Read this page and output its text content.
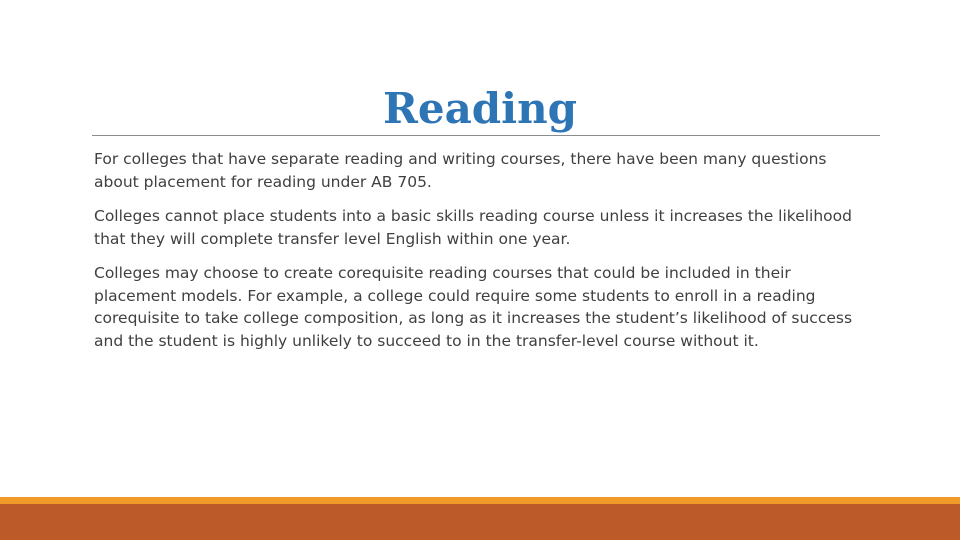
Reading

For colleges that have separate reading and writing courses, there have been many questions about placement for reading under AB 705.

Colleges cannot place students into a basic skills reading course unless it increases the likelihood that they will complete transfer level English within one year.

Colleges may choose to create corequisite reading courses that could be included in their placement models. For example, a college could require some students to enroll in a reading corequisite to take college composition, as long as it increases the student’s likelihood of success and the student is highly unlikely to succeed to in the transfer-level course without it.
